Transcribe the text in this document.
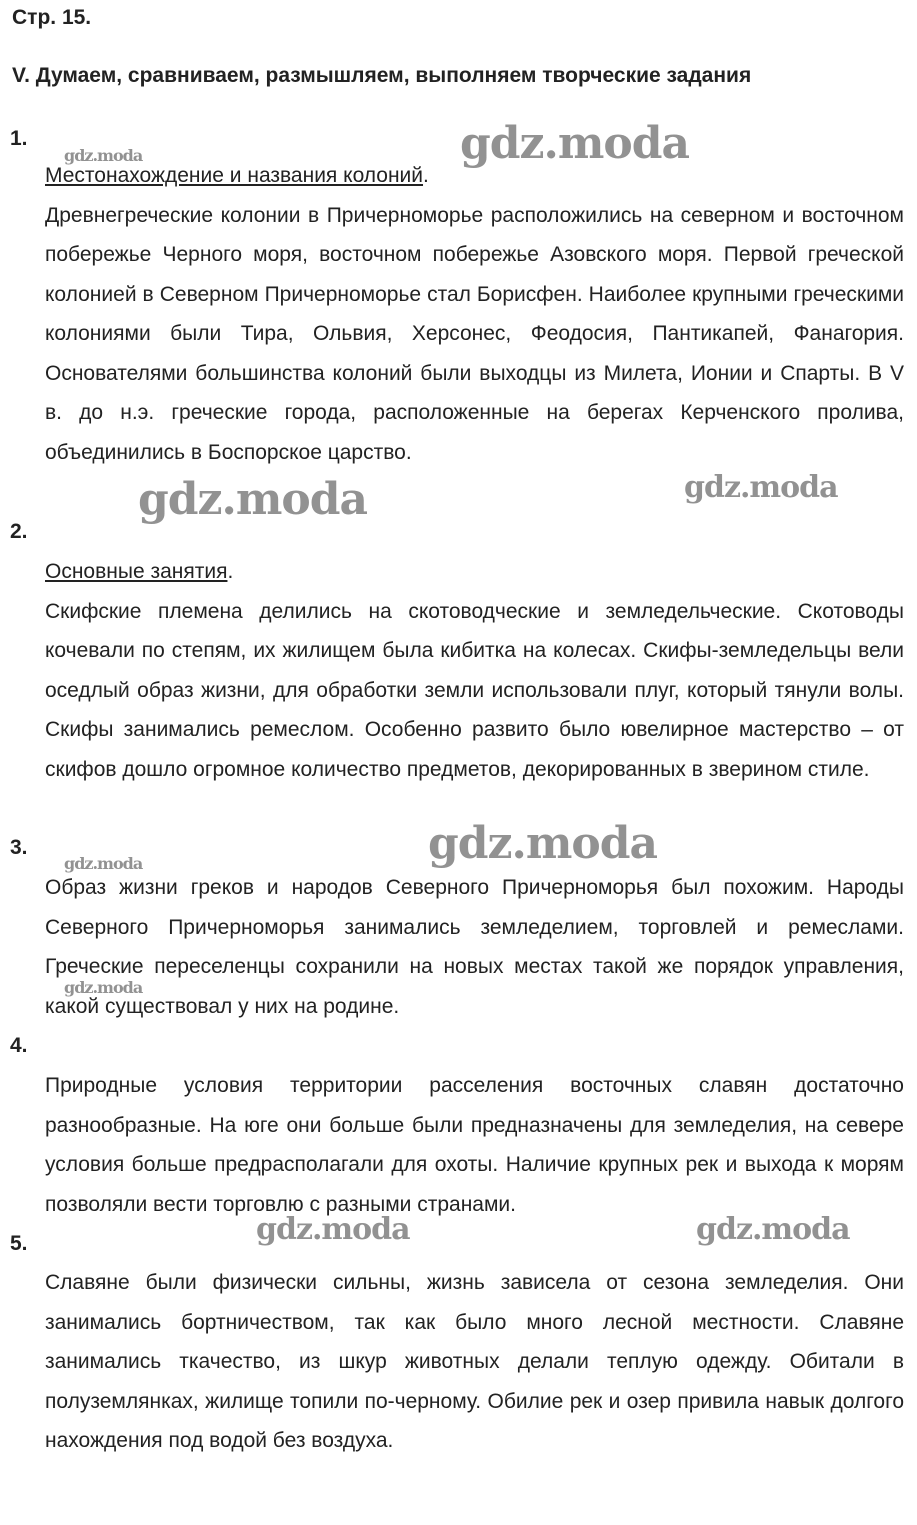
Стр. 15.
V. Думаем, сравниваем, размышляем, выполняем творческие задания
1.

Местонахождение и названия колоний.

Древнегреческие колонии в Причерноморье расположились на северном и восточном побережье Черного моря, восточном побережье Азовского моря. Первой греческой колонией в Северном Причерноморье стал Борисфен. Наиболее крупными греческими колониями были Тира, Ольвия, Херсонес, Феодосия, Пантикапей, Фанагория. Основателями большинства колоний были выходцы из Милета, Ионии и Спарты. В V в. до н.э. греческие города, расположенные на берегах Керченского пролива, объединились в Боспорское царство.

2.

Основные занятия.

Скифские племена делились на скотоводческие и земледельческие. Скотоводы кочевали по степям, их жилищем была кибитка на колесах. Скифы-земледельцы вели оседлый образ жизни, для обработки земли использовали плуг, который тянули волы. Скифы занимались ремеслом. Особенно развито было ювелирное мастерство – от скифов дошло огромное количество предметов, декорированных в зверином стиле.

3.

Образ жизни греков и народов Северного Причерноморья был похожим. Народы Северного Причерноморья занимались земледелием, торговлей и ремеслами. Греческие переселенцы сохранили на новых местах такой же порядок управления, какой существовал у них на родине.

4.

Природные условия территории расселения восточных славян достаточно разнообразные. На юге они больше были предназначены для земледелия, на севере условия больше предрасполагали для охоты. Наличие крупных рек и выхода к морям позволяли вести торговлю с разными странами.

5.

Славяне были физически сильны, жизнь зависела от сезона земледелия. Они занимались бортничеством, так как было много лесной местности. Славяне занимались ткачество, из шкур животных делали теплую одежду. Обитали в полуземлянках, жилище топили по-черному. Обилие рек и озер привила навык долгого нахождения под водой без воздуха.

gdz.moda	gdz.moda
gdz.moda	gdz.moda
gdz.moda
gdz.moda
gdz.moda
gdz.moda	gdz.moda
